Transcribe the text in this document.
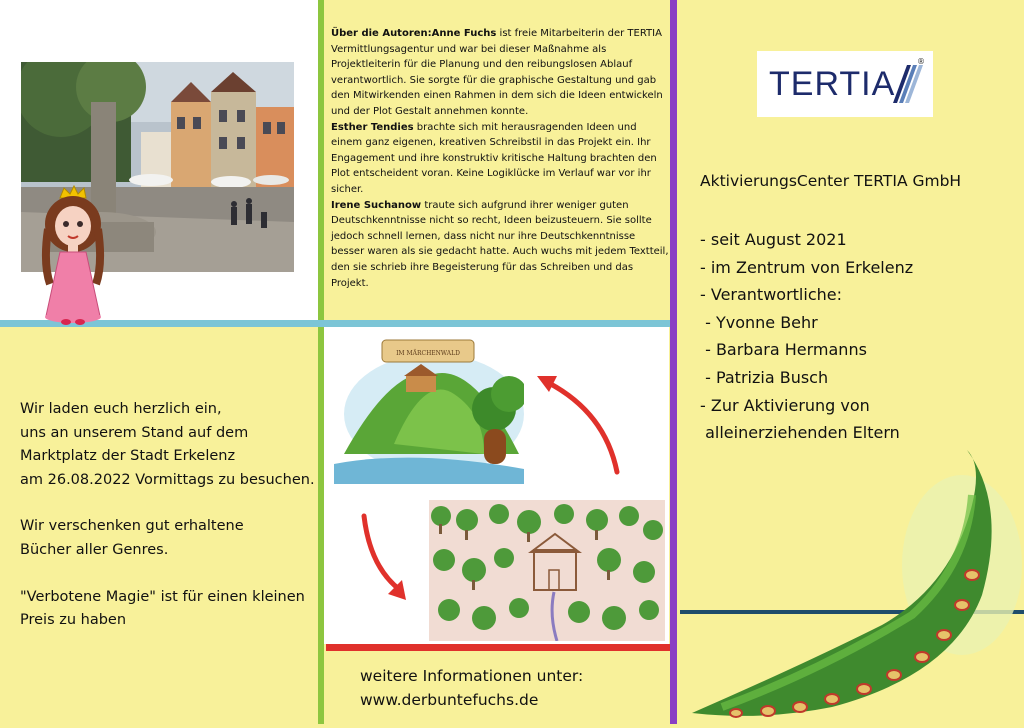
Über die Autoren:Anne Fuchs ist freie Mitarbeiterin der TERTIA Vermittlungsagentur und war bei dieser Maßnahme als Projektleiterin für die Planung und den reibungslosen Ablauf verantwortlich. Sie sorgte für die graphische Gestaltung und gab den Mitwirkenden einen Rahmen in dem sich die Ideen entwickeln und der Plot Gestalt annehmen konnte.
Esther Tendies brachte sich mit herausragenden Ideen und einem ganz eigenen, kreativen Schreibstil in das Projekt ein. Ihr Engagement und ihre konstruktiv kritische Haltung brachten den Plot entscheident voran. Keine Logiklücke im Verlauf war vor ihr sicher.
Irene Suchanow traute sich aufgrund ihrer weniger guten Deutschkenntnisse nicht so recht, Ideen beizusteuern. Sie sollte jedoch schnell lernen, dass nicht nur ihre Deutschkenntnisse besser waren als sie gedacht hatte. Auch wuchs mit jedem Textteil, den sie schrieb ihre Begeisterung für das Schreiben und das Projekt.
IM MÄRCHENWALD
Wir laden euch herzlich ein,
uns an unserem Stand auf dem
Marktplatz der Stadt Erkelenz
am 26.08.2022 Vormittags zu besuchen.
Wir verschenken gut erhaltene
Bücher aller Genres.
"Verbotene Magie" ist für einen kleinen
Preis zu haben
weitere Informationen unter:
www.derbuntefuchs.de
TERTIA
®
AktivierungsCenter TERTIA GmbH
- seit August 2021
- im Zentrum von Erkelenz
- Verantwortliche:
- Yvonne Behr
- Barbara Hermanns
- Patrizia Busch
- Zur Aktivierung von
alleinerziehenden Eltern
